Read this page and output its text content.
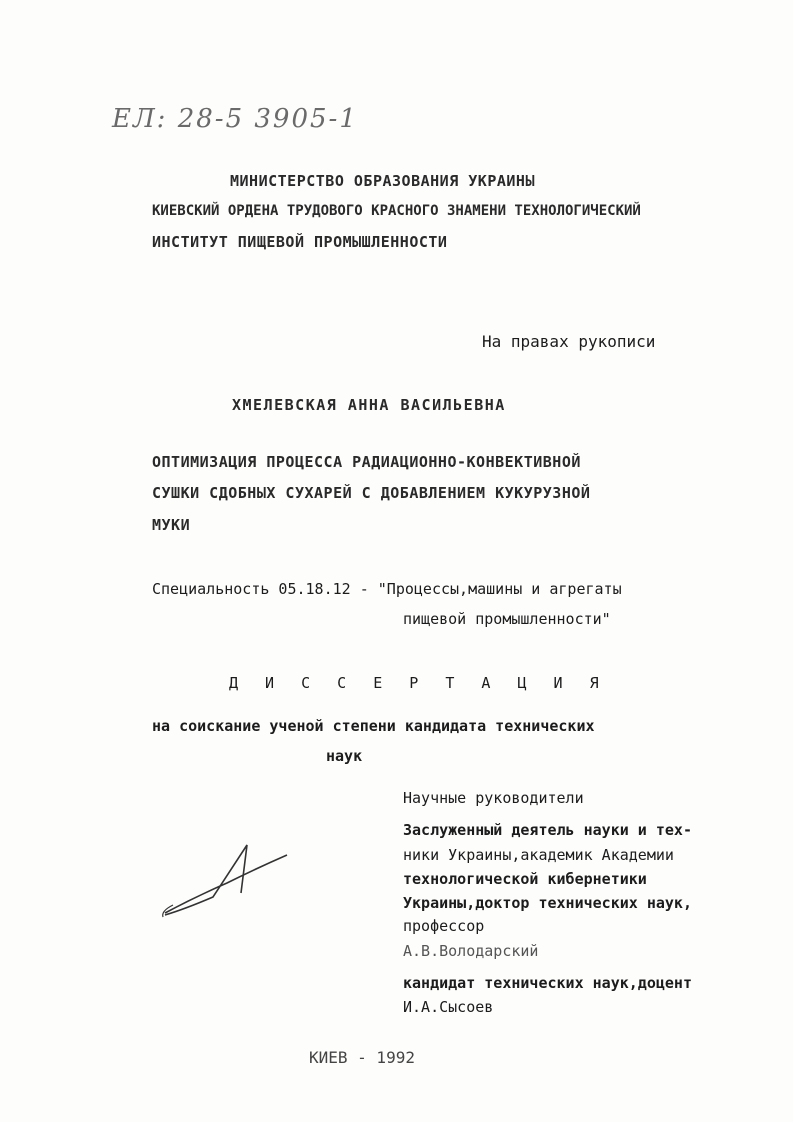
ЕЛ: 28-5 3905-1

МИНИСТЕРСТВО ОБРАЗОВАНИЯ УКРАИНЫ

КИЕВСКИЙ ОРДЕНА ТРУДОВОГО КРАСНОГО ЗНАМЕНИ ТЕХНОЛОГИЧЕСКИЙ

ИНСТИТУТ ПИЩЕВОЙ ПРОМЫШЛЕННОСТИ

На правах рукописи

ХМЕЛЕВСКАЯ АННА ВАСИЛЬЕВНА

ОПТИМИЗАЦИЯ ПРОЦЕССА РАДИАЦИОННО-КОНВЕКТИВНОЙ

СУШКИ СДОБНЫХ СУХАРЕЙ С ДОБАВЛЕНИЕМ КУКУРУЗНОЙ

МУКИ

Специальность 05.18.12 - "Процессы,машины и агрегаты

пищевой промышленности"

Д И С С Е Р Т А Ц И Я

на соискание ученой степени кандидата технических

наук

Научные руководители

Заслуженный деятель науки и тех-

ники Украины,академик Академии

технологической кибернетики

Украины,доктор технических наук,

профессор

А.В.Володарский

кандидат технических наук,доцент

И.А.Сысоев

КИЕВ - 1992
